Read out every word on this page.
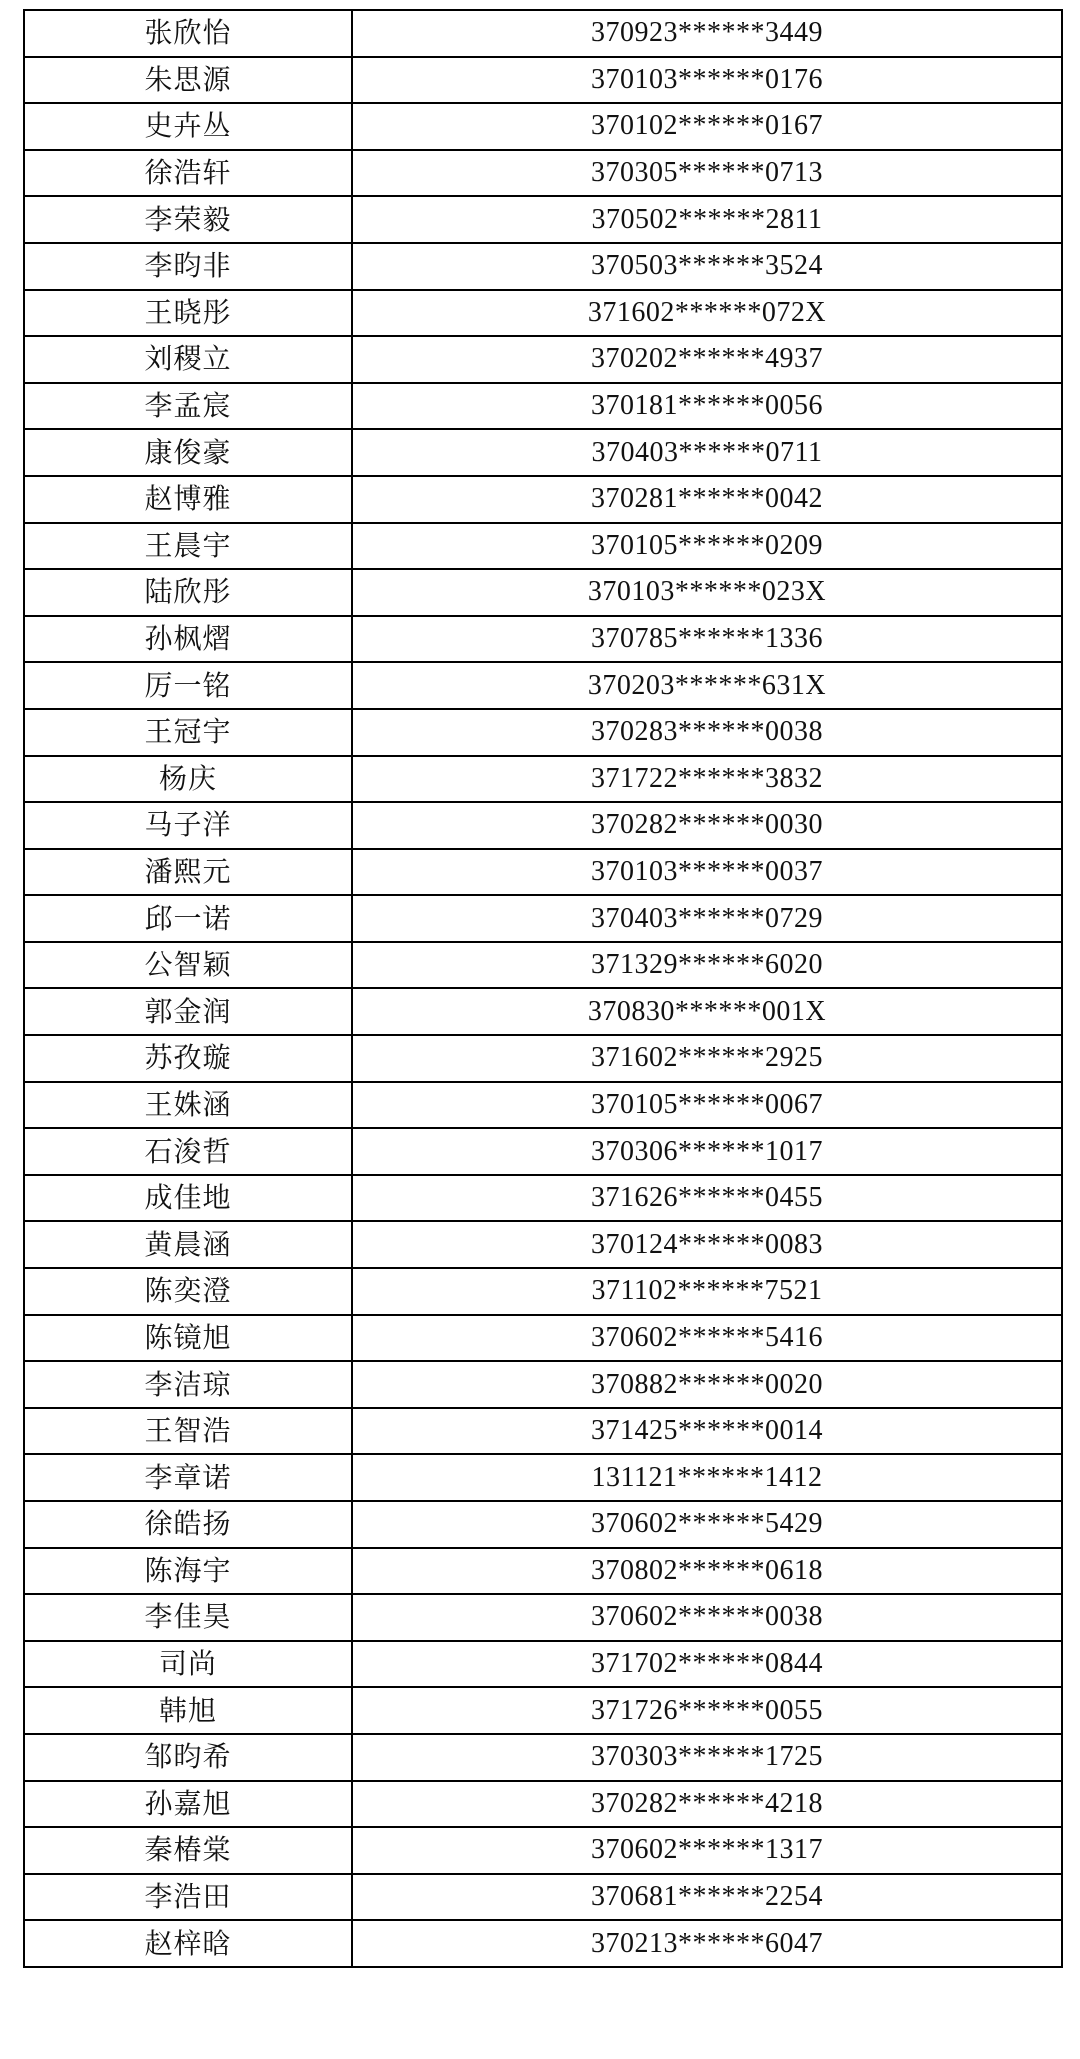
张欣怡	370923******3449
朱思源	370103******0176
史卉丛	370102******0167
徐浩轩	370305******0713
李荣毅	370502******2811
李昀非	370503******3524
王晓彤	371602******072X
刘稷立	370202******4937
李孟宸	370181******0056
康俊豪	370403******0711
赵博雅	370281******0042
王晨宇	370105******0209
陆欣彤	370103******023X
孙枫熠	370785******1336
厉一铭	370203******631X
王冠宇	370283******0038
杨庆	371722******3832
马子洋	370282******0030
潘熙元	370103******0037
邱一诺	370403******0729
公智颖	371329******6020
郭金润	370830******001X
苏孜璇	371602******2925
王姝涵	370105******0067
石浚哲	370306******1017
成佳地	371626******0455
黄晨涵	370124******0083
陈奕澄	371102******7521
陈镜旭	370602******5416
李洁琼	370882******0020
王智浩	371425******0014
李章诺	131121******1412
徐皓扬	370602******5429
陈海宇	370802******0618
李佳昊	370602******0038
司尚	371702******0844
韩旭	371726******0055
邹昀希	370303******1725
孙嘉旭	370282******4218
秦椿棠	370602******1317
李浩田	370681******2254
赵梓晗	370213******6047
